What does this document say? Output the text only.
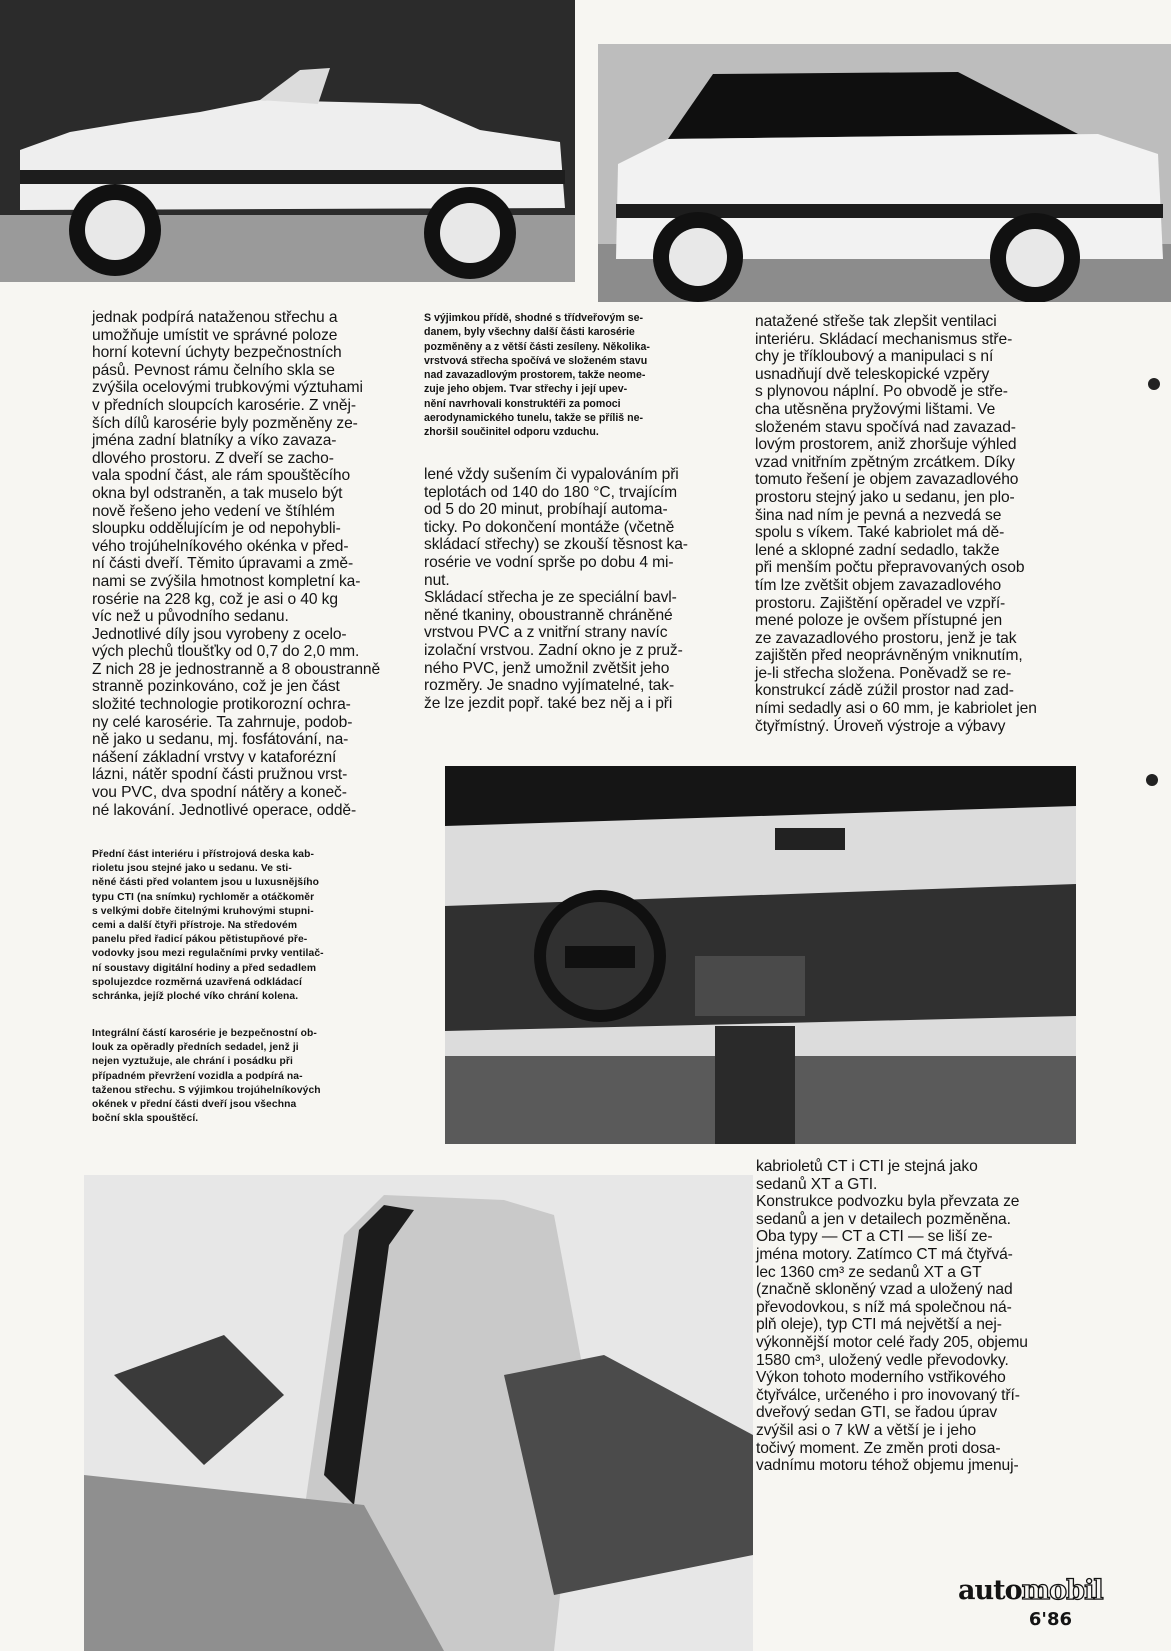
jednak podpírá nataženou střechu a
umožňuje umístit ve správné poloze
horní kotevní úchyty bezpečnostních
pásů. Pevnost rámu čelního skla se
zvýšila ocelovými trubkovými výztuhami
v předních sloupcích karosérie. Z vněj-
ších dílů karosérie byly pozměněny ze-
jména zadní blatníky a víko zavaza-
dlového prostoru. Z dveří se zacho-
vala spodní část, ale rám spouštěcího
okna byl odstraněn, a tak muselo být
nově řešeno jeho vedení ve štíhlém
sloupku oddělujícím je od nepohybli-
vého trojúhelníkového okénka v před-
ní části dveří. Těmito úpravami a změ-
nami se zvýšila hmotnost kompletní ka-
rosérie na 228 kg, což je asi o 40 kg
víc než u původního sedanu.
Jednotlivé díly jsou vyrobeny z ocelo-
vých plechů tloušťky od 0,7 do 2,0 mm.
Z nich 28 je jednostranně a 8 oboustranně
stranně pozinkováno, což je jen část
složité technologie protikorozní ochra-
ny celé karosérie. Ta zahrnuje, podob-
ně jako u sedanu, mj. fosfátování, na-
nášení základní vrstvy v kataforézní
lázni, nátěr spodní části pružnou vrst-
vou PVC, dva spodní nátěry a koneč-
né lakování. Jednotlivé operace, oddě-
S výjimkou přídě, shodné s třídveřovým se-
danem, byly všechny další části karosérie
pozměněny a z větší části zesíleny. Několika-
vrstvová střecha spočívá ve složeném stavu
nad zavazadlovým prostorem, takže neome-
zuje jeho objem. Tvar střechy i její upev-
nění navrhovali konstruktéři za pomoci
aerodynamického tunelu, takže se příliš ne-
zhoršil součinitel odporu vzduchu.
lené vždy sušením či vypalováním při
teplotách od 140 do 180 °C, trvajícím
od 5 do 20 minut, probíhají automa-
ticky. Po dokončení montáže (včetně
skládací střechy) se zkouší těsnost ka-
rosérie ve vodní sprše po dobu 4 mi-
nut.
Skládací střecha je ze speciální bavl-
něné tkaniny, oboustranně chráněné
vrstvou PVC a z vnitřní strany navíc
izolační vrstvou. Zadní okno je z pruž-
ného PVC, jenž umožnil zvětšit jeho
rozměry. Je snadno vyjímatelné, tak-
že lze jezdit popř. také bez něj a i při
natažené střeše tak zlepšit ventilaci
interiéru. Skládací mechanismus stře-
chy je tříkloubový a manipulaci s ní
usnadňují dvě teleskopické vzpěry
s plynovou náplní. Po obvodě je stře-
cha utěsněna pryžovými lištami. Ve
složeném stavu spočívá nad zavazad-
lovým prostorem, aniž zhoršuje výhled
vzad vnitřním zpětným zrcátkem. Díky
tomuto řešení je objem zavazadlového
prostoru stejný jako u sedanu, jen plo-
šina nad ním je pevná a nezvedá se
spolu s víkem. Také kabriolet má dě-
lené a sklopné zadní sedadlo, takže
při menším počtu přepravovaných osob
tím lze zvětšit objem zavazadlového
prostoru. Zajištění opěradel ve vzpří-
mené poloze je ovšem přístupné jen
ze zavazadlového prostoru, jenž je tak
zajištěn před neoprávněným vniknutím,
je-li střecha složena. Poněvadž se re-
konstrukcí zádě zúžil prostor nad zad-
ními sedadly asi o 60 mm, je kabriolet jen
čtyřmístný. Úroveň výstroje a výbavy
Přední část interiéru i přístrojová deska kab-
rioletu jsou stejné jako u sedanu. Ve sti-
něné části před volantem jsou u luxusnějšího
typu CTI (na snímku) rychloměr a otáčkoměr
s velkými dobře čitelnými kruhovými stupni-
cemi a další čtyři přístroje. Na středovém
panelu před řadicí pákou pětistupňové pře-
vodovky jsou mezi regulačními prvky ventilač-
ní soustavy digitální hodiny a před sedadlem
spolujezdce rozměrná uzavřená odkládací
schránka, jejíž ploché víko chrání kolena.
Integrální částí karosérie je bezpečnostní ob-
louk za opěradly předních sedadel, jenž ji
nejen vyztužuje, ale chrání i posádku při
případném převržení vozidla a podpírá na-
taženou střechu. S výjimkou trojúhelníkových
okének v přední části dveří jsou všechna
boční skla spouštěcí.
kabrioletů CT i CTI je stejná jako
sedanů XT a GTI.
Konstrukce podvozku byla převzata ze
sedanů a jen v detailech pozměněna.
Oba typy — CT a CTI — se liší ze-
jména motory. Zatímco CT má čtyřvá-
lec 1360 cm³ ze sedanů XT a GT
(značně skloněný vzad a uložený nad
převodovkou, s níž má společnou ná-
plň oleje), typ CTI má největší a nej-
výkonnější motor celé řady 205, objemu
1580 cm³, uložený vedle převodovky.
Výkon tohoto moderního vstřikového
čtyřválce, určeného i pro inovovaný tří-
dveřový sedan GTI, se řadou úprav
zvýšil asi o 7 kW a větší je i jeho
točivý moment. Ze změn proti dosa-
vadnímu motoru téhož objemu jmenuj-
automobil
6'86
